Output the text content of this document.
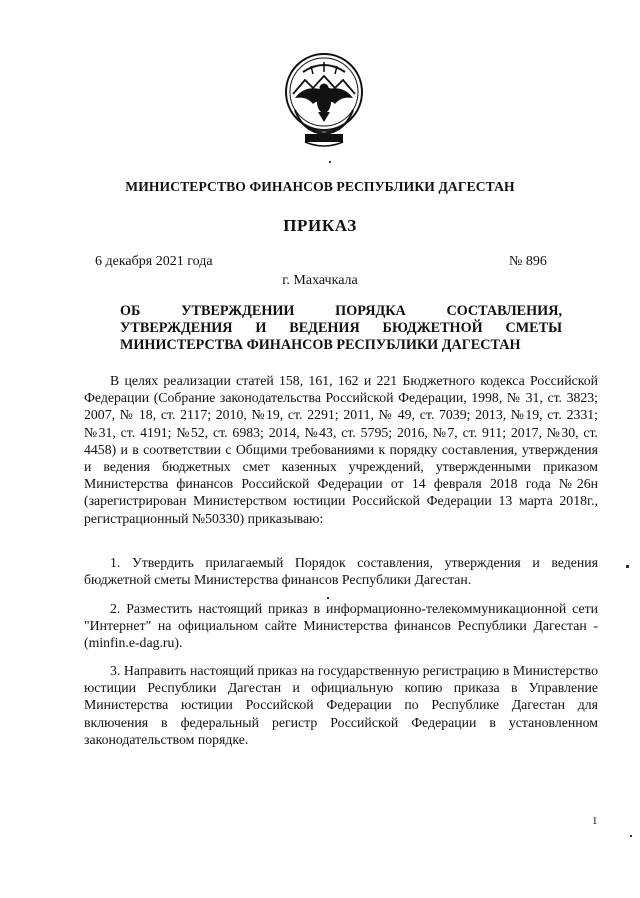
МИНИСТЕРСТВО ФИНАНСОВ РЕСПУБЛИКИ ДАГЕСТАН
ПРИКАЗ
6 декабря 2021 года	№ 896
г. Махачкала
ОБ УТВЕРЖДЕНИИ ПОРЯДКА СОСТАВЛЕНИЯ,
УТВЕРЖДЕНИЯ И ВЕДЕНИЯ БЮДЖЕТНОЙ СМЕТЫ
МИНИСТЕРСТВА ФИНАНСОВ РЕСПУБЛИКИ ДАГЕСТАН
В целях реализации статей 158, 161, 162 и 221 Бюджетного кодекса Российской Федерации (Собрание законодательства Российской Федерации, 1998, № 31, ст. 3823; 2007, № 18, ст. 2117; 2010, №19, ст. 2291; 2011, № 49, ст. 7039; 2013, №19, ст. 2331; №31, ст. 4191; №52, ст. 6983; 2014, №43, ст. 5795; 2016, №7, ст. 911; 2017, №30, ст. 4458) и в соответствии с Общими требованиями к порядку составления, утверждения и ведения бюджетных смет казенных учреждений, утвержденными приказом Министерства финансов Российской Федерации от 14 февраля 2018 года №26н (зарегистрирован Министерством юстиции Российской Федерации 13 марта 2018г., регистрационный №50330) приказываю:
1. Утвердить прилагаемый Порядок составления, утверждения и ведения бюджетной сметы Министерства финансов Республики Дагестан.
2. Разместить настоящий приказ в информационно-телекоммуникационной сети "Интернет" на официальном сайте Министерства финансов Республики Дагестан - (minfin.e-dag.ru).
3. Направить настоящий приказ на государственную регистрацию в Министерство юстиции Республики Дагестан и официальную копию приказа в Управление Министерства юстиции Российской Федерации по Республике Дагестан для включения в федеральный регистр Российской Федерации в установленном законодательством порядке.
1
